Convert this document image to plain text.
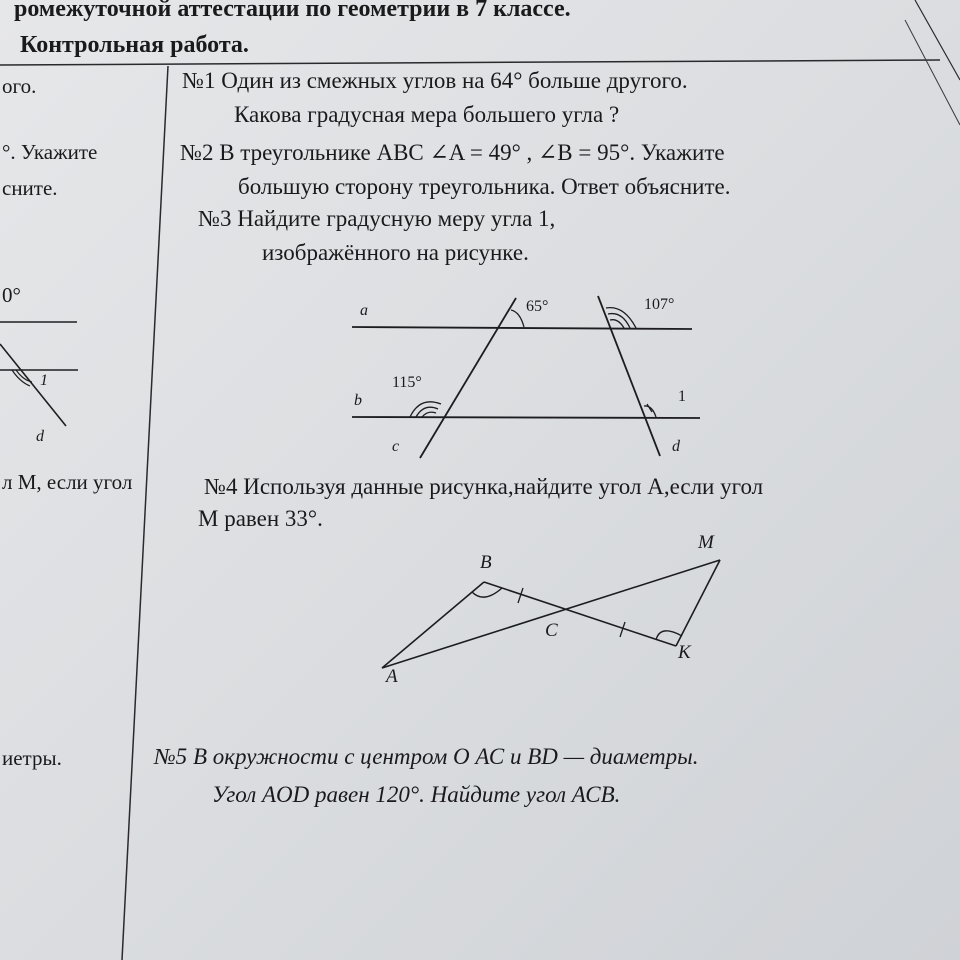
ромежуточной аттестации по геометрии в 7 классе.
Контрольная работа.
0°
1
d
ого.
°. Укажите
сните.
л М, если угол
иетры.
№1 Один из смежных углов на 64° больше другого.
Какова градусная мера большего угла ?
№2 В треугольнике АВС ∠A = 49° , ∠B = 95°. Укажите
большую сторону треугольника. Ответ объясните.
№3 Найдите градусную меру угла 1,
изображённого на рисунке.
a
b
c	d
65°	107°
115°
1
№4 Используя данные рисунка,найдите угол А,если угол
М равен 33°.
A
B
C
M
K
№5 В окружности с центром О АС и BD — диаметры.
Угол AOD равен 120°. Найдите угол АСВ.
